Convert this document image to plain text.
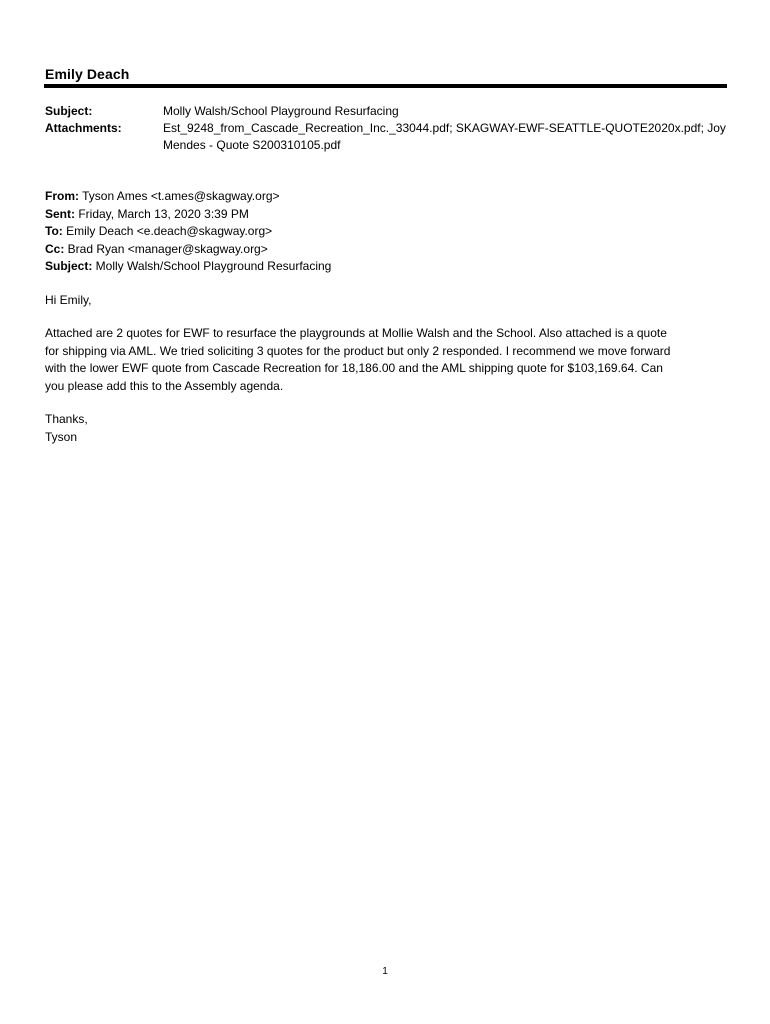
Emily Deach
Subject:	Molly Walsh/School Playground Resurfacing
Attachments:	Est_9248_from_Cascade_Recreation_Inc._33044.pdf; SKAGWAY-EWF-SEATTLE-QUOTE2020x.pdf; Joy
Mendes - Quote S200310105.pdf
From: Tyson Ames <t.ames@skagway.org>
Sent: Friday, March 13, 2020 3:39 PM
To: Emily Deach <e.deach@skagway.org>
Cc: Brad Ryan <manager@skagway.org>
Subject: Molly Walsh/School Playground Resurfacing
Hi Emily,
Attached are 2 quotes for EWF to resurface the playgrounds at Mollie Walsh and the School. Also attached is a quote
for shipping via AML. We tried soliciting 3 quotes for the product but only 2 responded. I recommend we move forward
with the lower EWF quote from Cascade Recreation for 18,186.00 and the AML shipping quote for $103,169.64. Can
you please add this to the Assembly agenda.
Thanks,
Tyson
1
